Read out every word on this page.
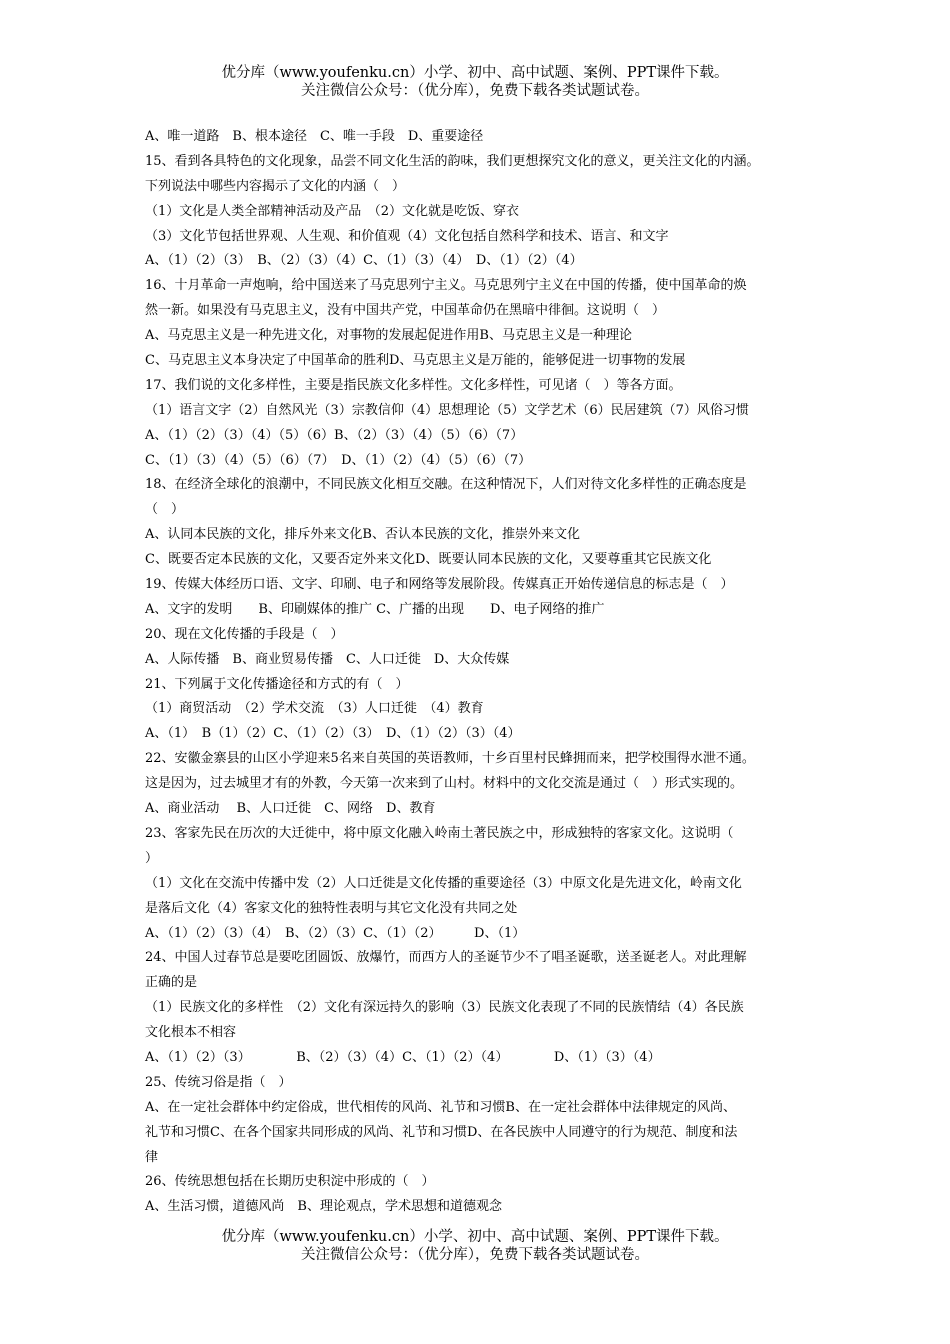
优分库（www.youfenku.cn）小学、初中、高中试题、案例、PPT课件下载。
关注微信公众号：（优分库），免费下载各类试题试卷。
A、唯一道路　B、根本途径　C、唯一手段　D、重要途径
15、看到各具特色的文化现象，品尝不同文化生活的韵味，我们更想探究文化的意义，更关注文化的内涵。
下列说法中哪些内容揭示了文化的内涵（　）
（1）文化是人类全部精神活动及产品　（2）文化就是吃饭、穿衣
（3）文化节包括世界观、人生观、和价值观（4）文化包括自然科学和技术、语言、和文字
A、（1）（2）（3）　B、（2）（3）（4）C、（1）（3）（4）　D、（1）（2）（4）
16、十月革命一声炮响，给中国送来了马克思列宁主义。马克思列宁主义在中国的传播，使中国革命的焕
然一新。如果没有马克思主义，没有中国共产党，中国革命仍在黑暗中徘徊。这说明（　）
A、马克思主义是一种先进文化，对事物的发展起促进作用B、马克思主义是一种理论
C、马克思主义本身决定了中国革命的胜利D、马克思主义是万能的，能够促进一切事物的发展
17、我们说的文化多样性，主要是指民族文化多样性。文化多样性，可见诸（　）等各方面。
（1）语言文字（2）自然风光（3）宗教信仰（4）思想理论（5）文学艺术（6）民居建筑（7）风俗习惯
A、（1）（2）（3）（4）（5）（6）B、（2）（3）（4）（5）（6）（7）
C、（1）（3）（4）（5）（6）（7）　D、（1）（2）（4）（5）（6）（7）
18、在经济全球化的浪潮中，不同民族文化相互交融。在这种情况下，人们对待文化多样性的正确态度是
（　）
A、认同本民族的文化，排斥外来文化B、否认本民族的文化，推崇外来文化
C、既要否定本民族的文化，又要否定外来文化D、既要认同本民族的文化，又要尊重其它民族文化
19、传媒大体经历口语、文字、印刷、电子和网络等发展阶段。传媒真正开始传递信息的标志是（　）
A、文字的发明　　B、印刷媒体的推广 C、广播的出现　　D、电子网络的推广
20、现在文化传播的手段是（　）
A、人际传播　B、商业贸易传播　C、人口迁徙　D、大众传媒
21、下列属于文化传播途径和方式的有（　）
（1）商贸活动　（2）学术交流　（3）人口迁徙　（4）教育
A、（1）　B（1）（2）C、（1）（2）（3）　D、（1）（2）（3）（4）
22、安徽金寨县的山区小学迎来5名来自英国的英语教师，十乡百里村民蜂拥而来，把学校围得水泄不通。
这是因为，过去城里才有的外教，今天第一次来到了山村。材料中的文化交流是通过（　）形式实现的。
A、商业活动　 B、人口迁徙　C、网络　D、教育
23、客家先民在历次的大迁徙中，将中原文化融入岭南土著民族之中，形成独特的客家文化。这说明（
）
（1）文化在交流中传播中发（2）人口迁徙是文化传播的重要途径（3）中原文化是先进文化，岭南文化
是落后文化（4）客家文化的独特性表明与其它文化没有共同之处
A、（1）（2）（3）（4）　B、（2）（3）C、（1）（2）　　　D、（1）
24、中国人过春节总是要吃团圆饭、放爆竹，而西方人的圣诞节少不了唱圣诞歌，送圣诞老人。对此理解
正确的是
（1）民族文化的多样性　（2）文化有深远持久的影响（3）民族文化表现了不同的民族情结（4）各民族
文化根本不相容
A、（1）（2）（3）　　　　B、（2）（3）（4）C、（1）（2）（4）　　　　D、（1）（3）（4）
25、传统习俗是指（　）
A、在一定社会群体中约定俗成，世代相传的风尚、礼节和习惯B、在一定社会群体中法律规定的风尚、
礼节和习惯C、在各个国家共同形成的风尚、礼节和习惯D、在各民族中人同遵守的行为规范、制度和法
律
26、传统思想包括在长期历史积淀中形成的（　）
A、生活习惯，道德风尚　B、理论观点，学术思想和道德观念
优分库（www.youfenku.cn）小学、初中、高中试题、案例、PPT课件下载。
关注微信公众号：（优分库），免费下载各类试题试卷。
